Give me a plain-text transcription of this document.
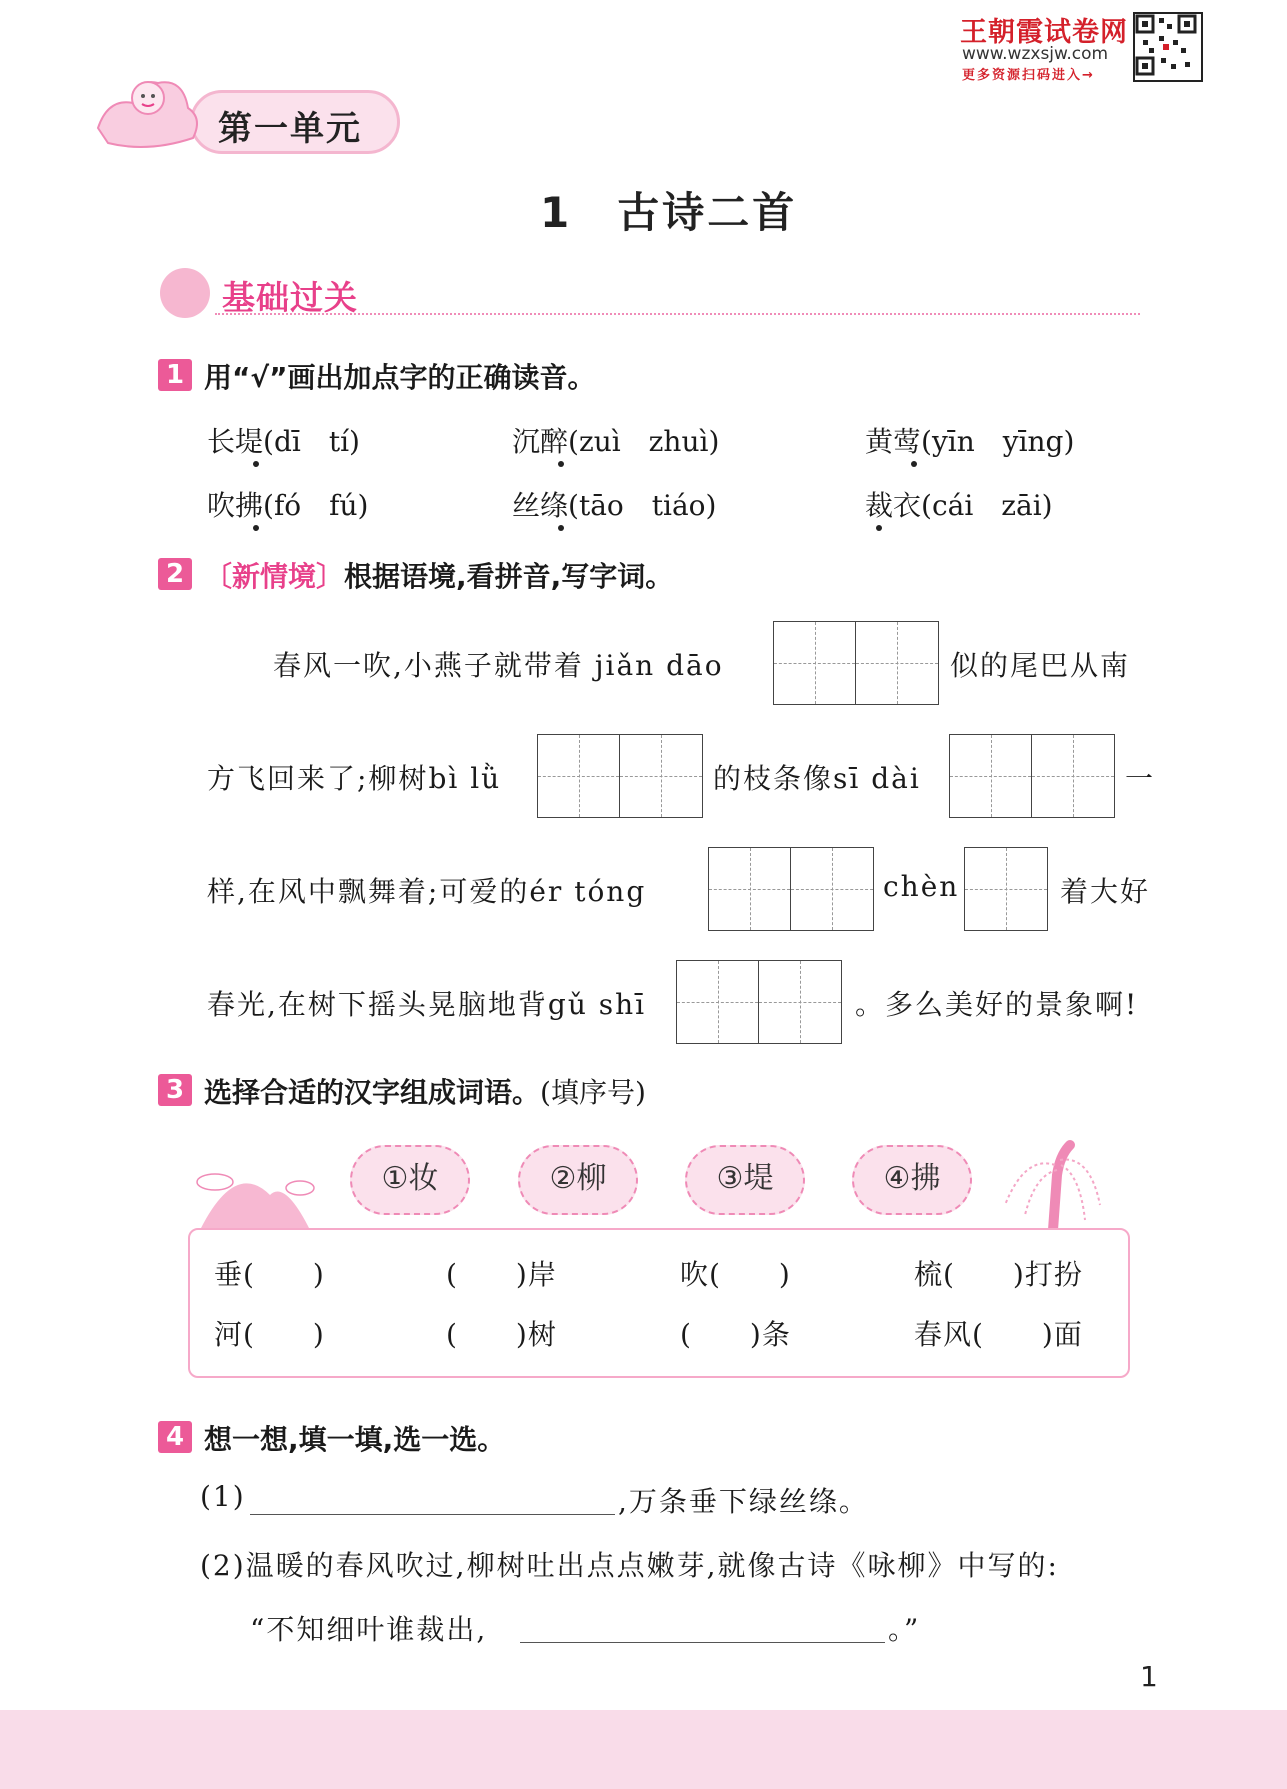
王朝霞试卷网
www.wzxsjw.com
更多资源扫码进入→
第一单元
1　古诗二首
基础过关
1 用“√”画出加点字的正确读音。
长堤(dī　tí)	沉醉(zuì　zhuì)	黄莺(yīn　yīng)
吹拂(fó　fú)	丝绦(tāo　tiáo)	裁衣(cái　zāi)
2 〔新情境〕根据语境,看拼音,写字词。
春风一吹,小燕子就带着 jiǎn dāo	似的尾巴从南
方飞回来了;柳树bì lǜ	的枝条像sī dài	一
样,在风中飘舞着;可爱的ér tóng	chèn	着大好
春光,在树下摇头晃脑地背gǔ shī	。多么美好的景象啊!
3 选择合适的汉字组成词语。(填序号)
①妆	②柳	③堤	④拂
垂(　　)	(　　)岸	吹(　　)	梳(　　)打扮
河(　　)	(　　)树	(　　)条	春风(　　)面
4 想一想,填一填,选一选。
(1)	,万条垂下绿丝绦。
(2)温暖的春风吹过,柳树吐出点点嫩芽,就像古诗《咏柳》中写的:
“不知细叶谁裁出,	。”
1
